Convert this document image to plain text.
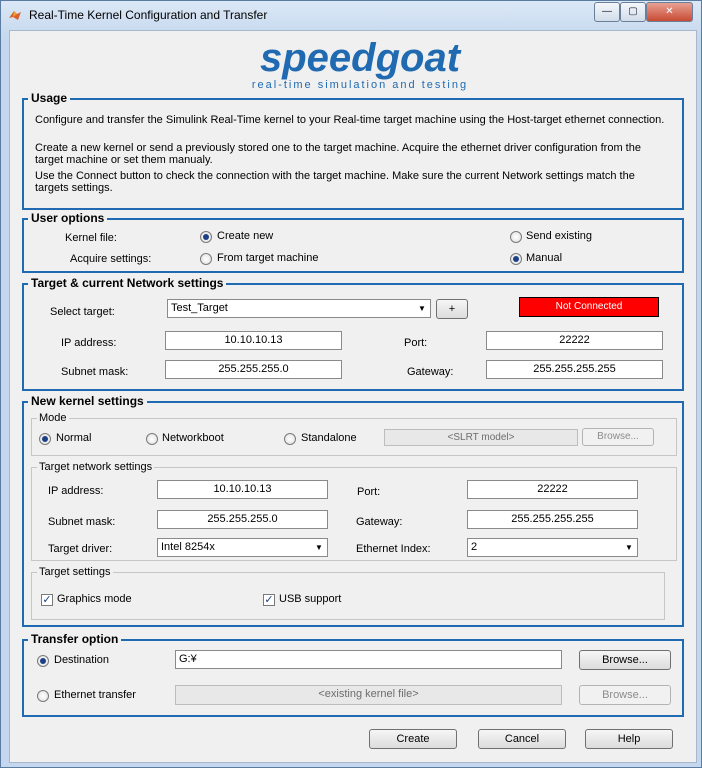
Real-Time Kernel Configuration and Transfer	—	▢	✕
speedgoat
real-time simulation and testing
Usage
Configure and transfer the Simulink Real-Time kernel to your Real-time target machine using the Host-target ethernet connection.
Create a new kernel or send a previously stored one to the target machine. Acquire the ethernet driver configuration from the target machine or set them manualy.
Use the Connect button to check the connection with the target machine. Make sure the current Network settings match the targets settings.
User options
Kernel file:	Create new	Send existing
Acquire settings:	From target machine	Manual
Target & current Network settings
Select target:	Test_Target	▼	+	Not Connected
IP address:	10.10.10.13	Port:	22222
Subnet mask:	255.255.255.0	Gateway:	255.255.255.255
New kernel settings
Mode
Normal	Networkboot	Standalone	<SLRT model>	Browse...
Target network settings
IP address:	10.10.10.13	Port:	22222
Subnet mask:	255.255.255.0	Gateway:	255.255.255.255
Target driver:	Intel 8254x	▼	Ethernet Index:	2	▼
Target settings
✓ Graphics mode	✓ USB support
Transfer option
Destination	G:¥	Browse...
Ethernet transfer	<existing kernel file>	Browse...
Create	Cancel	Help
